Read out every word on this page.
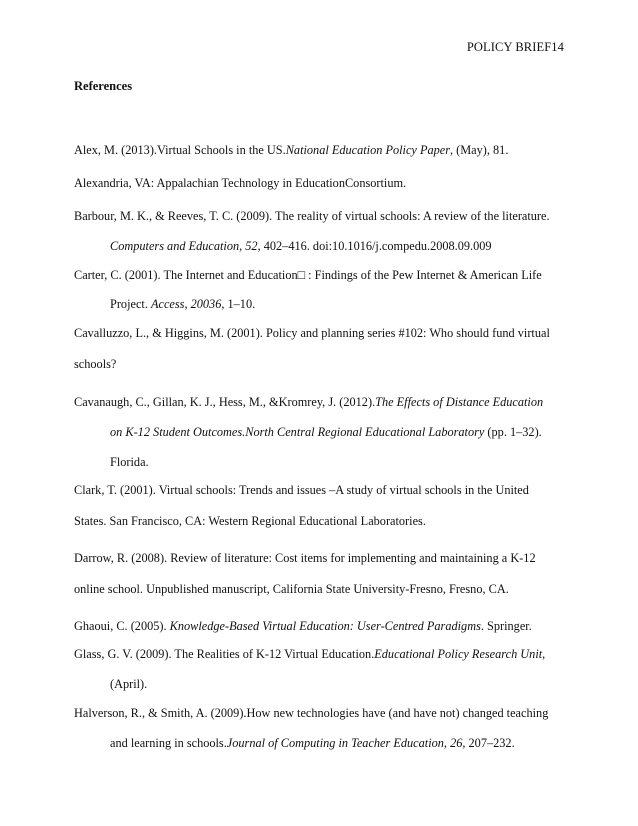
POLICY BRIEF14
References
Alex, M. (2013).Virtual Schools in the US.National Education Policy Paper, (May), 81.
Alexandria, VA: Appalachian Technology in EducationConsortium.
Barbour, M. K., & Reeves, T. C. (2009). The reality of virtual schools: A review of the literature.
Computers and Education, 52, 402–416. doi:10.1016/j.compedu.2008.09.009
Carter, C. (2001). The Internet and Education□ : Findings of the Pew Internet & American Life
Project. Access, 20036, 1–10.
Cavalluzzo, L., & Higgins, M. (2001). Policy and planning series #102: Who should fund virtual
schools?
Cavanaugh, C., Gillan, K. J., Hess, M., &Kromrey, J. (2012).The Effects of Distance Education
on K-12 Student Outcomes.North Central Regional Educational Laboratory (pp. 1–32).
Florida.
Clark, T. (2001). Virtual schools: Trends and issues –A study of virtual schools in the United
States. San Francisco, CA: Western Regional Educational Laboratories.
Darrow, R. (2008). Review of literature: Cost items for implementing and maintaining a K-12
online school. Unpublished manuscript, California State University-Fresno, Fresno, CA.
Ghaoui, C. (2005). Knowledge-Based Virtual Education: User-Centred Paradigms. Springer.
Glass, G. V. (2009). The Realities of K-12 Virtual Education.Educational Policy Research Unit,
(April).
Halverson, R., & Smith, A. (2009).How new technologies have (and have not) changed teaching
and learning in schools.Journal of Computing in Teacher Education, 26, 207–232.
